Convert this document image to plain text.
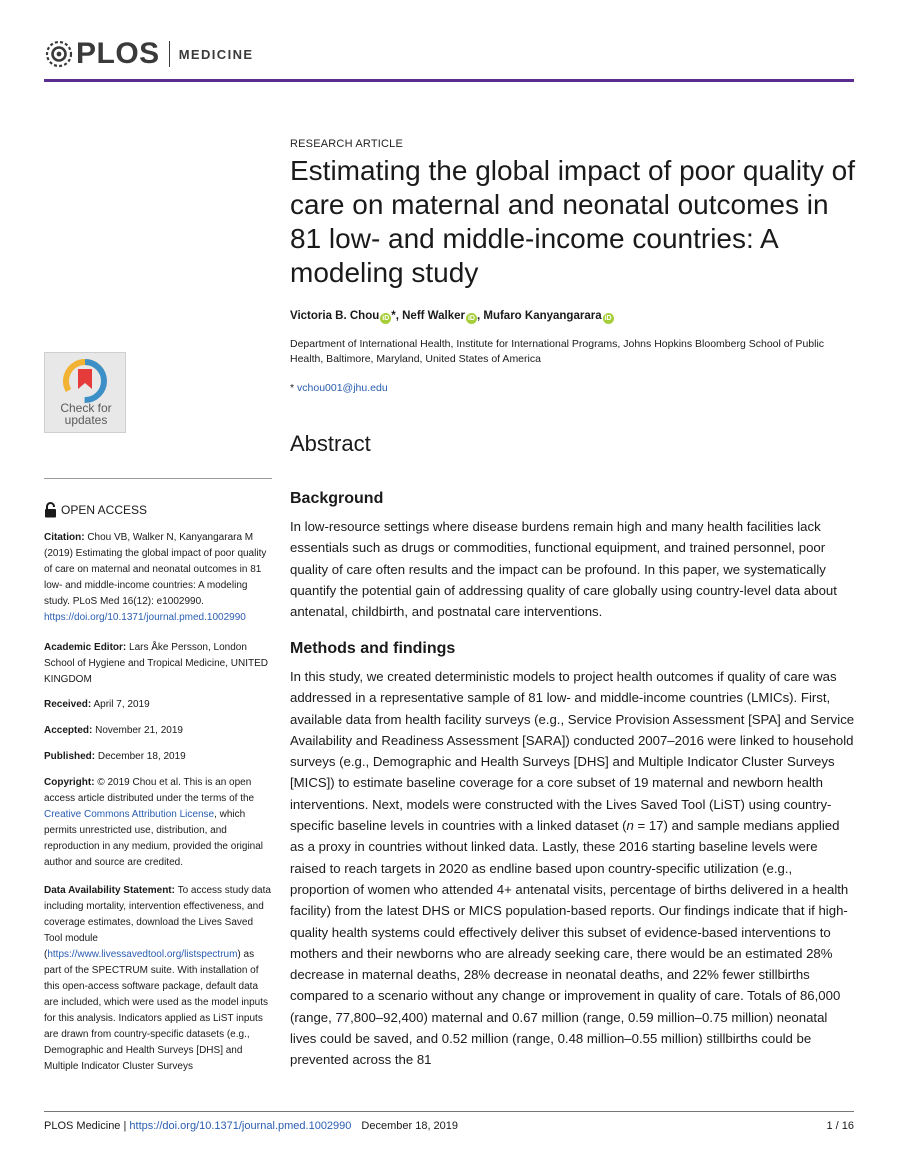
PLOS MEDICINE
RESEARCH ARTICLE
Estimating the global impact of poor quality of care on maternal and neonatal outcomes in 81 low- and middle-income countries: A modeling study
Victoria B. Chou iD *, Neff Walker iD , Mufaro Kanyangarara iD
Department of International Health, Institute for International Programs, Johns Hopkins Bloomberg School of Public Health, Baltimore, Maryland, United States of America
* vchou001@jhu.edu
Abstract
Background

In low-resource settings where disease burdens remain high and many health facilities lack essentials such as drugs or commodities, functional equipment, and trained personnel, poor quality of care often results and the impact can be profound. In this paper, we systematically quantify the potential gain of addressing quality of care globally using country-level data about antenatal, childbirth, and postnatal care interventions.

Methods and findings

In this study, we created deterministic models to project health outcomes if quality of care was addressed in a representative sample of 81 low- and middle-income countries (LMICs). First, available data from health facility surveys (e.g., Service Provision Assessment [SPA] and Service Availability and Readiness Assessment [SARA]) conducted 2007–2016 were linked to household surveys (e.g., Demographic and Health Surveys [DHS] and Multiple Indicator Cluster Surveys [MICS]) to estimate baseline coverage for a core subset of 19 maternal and newborn health interventions. Next, models were constructed with the Lives Saved Tool (LiST) using country-specific baseline levels in countries with a linked dataset (n = 17) and sample medians applied as a proxy in countries without linked data. Lastly, these 2016 starting baseline levels were raised to reach targets in 2020 as endline based upon country-specific utilization (e.g., proportion of women who attended 4+ antenatal visits, percentage of births delivered in a health facility) from the latest DHS or MICS population-based reports. Our findings indicate that if high-quality health systems could effectively deliver this subset of evidence-based interventions to mothers and their newborns who are already seeking care, there would be an estimated 28% decrease in maternal deaths, 28% decrease in neonatal deaths, and 22% fewer stillbirths compared to a scenario without any change or improvement in quality of care. Totals of 86,000 (range, 77,800–92,400) maternal and 0.67 million (range, 0.59 million–0.75 million) neonatal lives could be saved, and 0.52 million (range, 0.48 million–0.55 million) stillbirths could be prevented across the 81

Check for
updates
OPEN ACCESS
Citation: Chou VB, Walker N, Kanyangarara M (2019) Estimating the global impact of poor quality of care on maternal and neonatal outcomes in 81 low- and middle-income countries: A modeling study. PLoS Med 16(12): e1002990. https://doi.org/10.1371/journal.pmed.1002990
Academic Editor: Lars Åke Persson, London School of Hygiene and Tropical Medicine, UNITED KINGDOM
Received: April 7, 2019
Accepted: November 21, 2019
Published: December 18, 2019
Copyright: © 2019 Chou et al. This is an open access article distributed under the terms of the Creative Commons Attribution License, which permits unrestricted use, distribution, and reproduction in any medium, provided the original author and source are credited.
Data Availability Statement: To access study data including mortality, intervention effectiveness, and coverage estimates, download the Lives Saved Tool module (https://www.livessavedtool.org/listspectrum) as part of the SPECTRUM suite. With installation of this open-access software package, default data are included, which were used as the model inputs for this analysis. Indicators applied as LiST inputs are drawn from country-specific datasets (e.g., Demographic and Health Surveys [DHS] and Multiple Indicator Cluster Surveys
PLOS Medicine | https://doi.org/10.1371/journal.pmed.1002990 December 18, 2019	1 / 16
